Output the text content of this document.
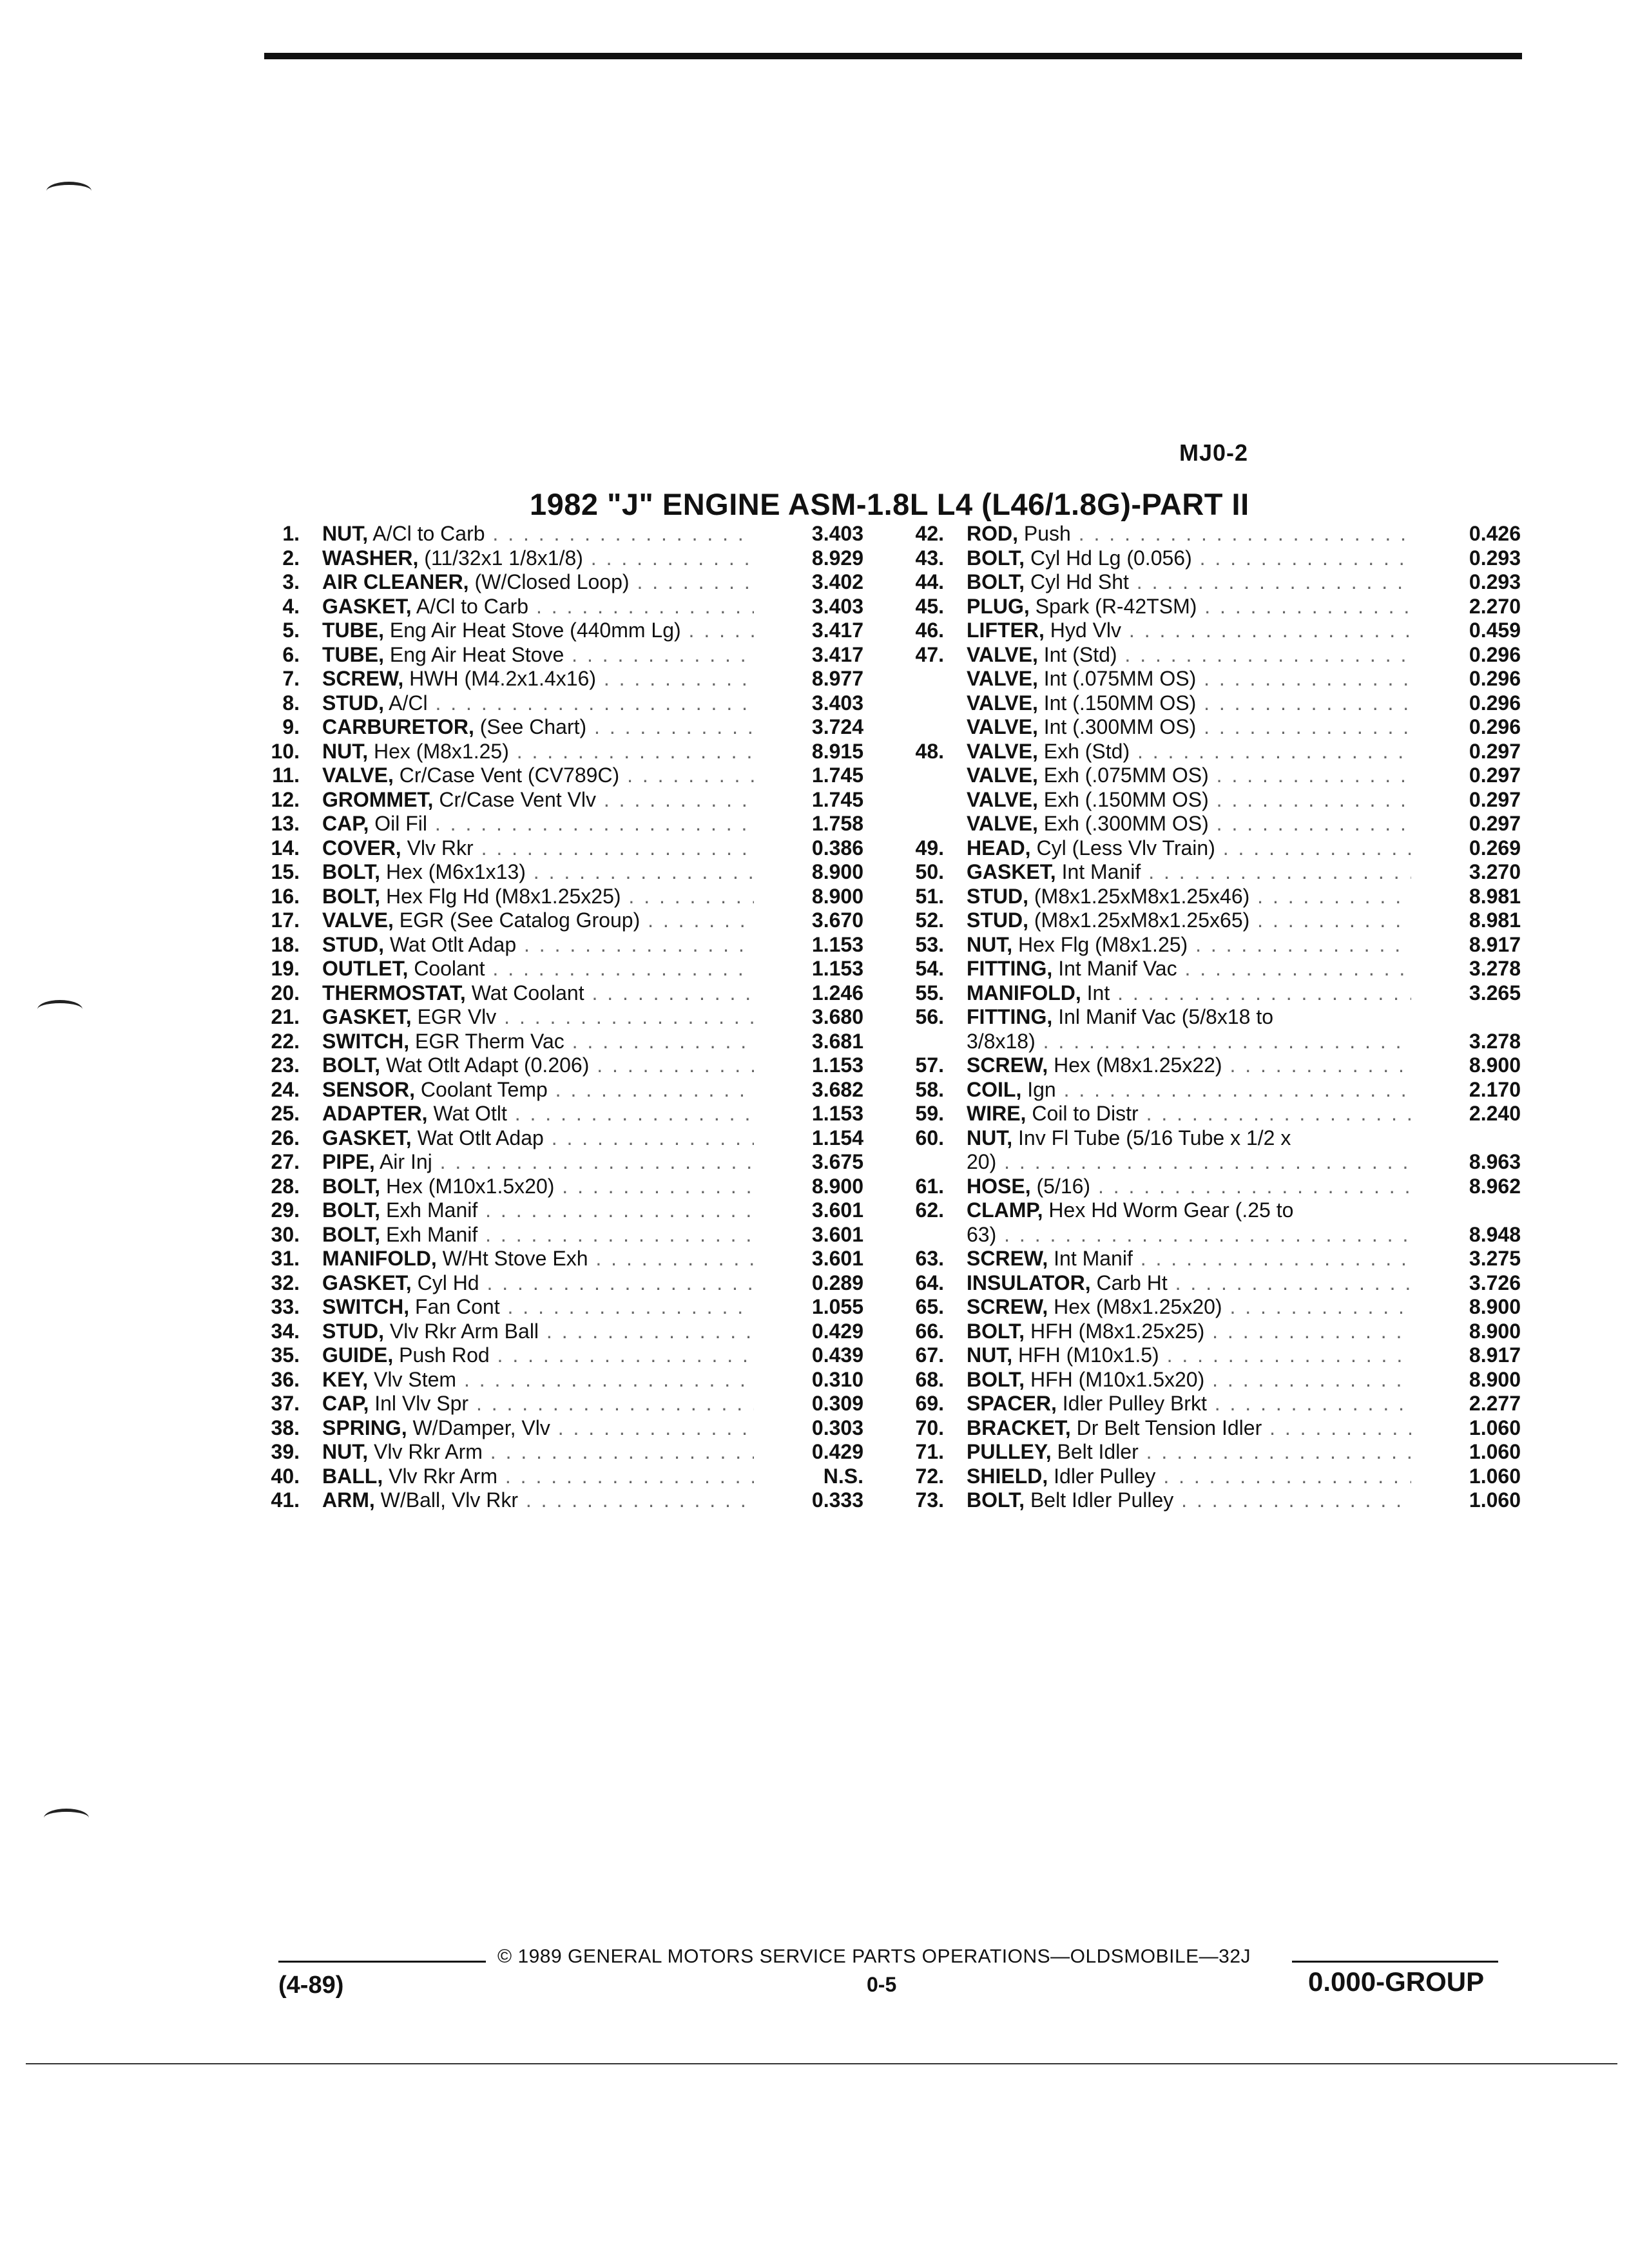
MJ0-2
1982 "J" ENGINE ASM-1.8L L4 (L46/1.8G)-PART II
1. NUT, A/Cl to Carb . . .	3.403
2. WASHER, (11/32x1 1/8x1/8) . . .	8.929
3. AIR CLEANER, (W/Closed Loop) . . .	3.402
4. GASKET, A/Cl to Carb . . .	3.403
5. TUBE, Eng Air Heat Stove (440mm Lg) . . .	3.417
6. TUBE, Eng Air Heat Stove . . .	3.417
7. SCREW, HWH (M4.2x1.4x16) . . .	8.977
8. STUD, A/Cl . . .	3.403
9. CARBURETOR, (See Chart) . . .	3.724
10. NUT, Hex (M8x1.25) . . .	8.915
11. VALVE, Cr/Case Vent (CV789C) . . .	1.745
12. GROMMET, Cr/Case Vent Vlv . . .	1.745
13. CAP, Oil Fil . . .	1.758
14. COVER, Vlv Rkr . . .	0.386
15. BOLT, Hex (M6x1x13) . . .	8.900
16. BOLT, Hex Flg Hd (M8x1.25x25) . . .	8.900
17. VALVE, EGR (See Catalog Group) . . .	3.670
18. STUD, Wat Otlt Adap . . .	1.153
19. OUTLET, Coolant . . .	1.153
20. THERMOSTAT, Wat Coolant . . .	1.246
21. GASKET, EGR Vlv . . .	3.680
22. SWITCH, EGR Therm Vac . . .	3.681
23. BOLT, Wat Otlt Adapt (0.206) . . .	1.153
24. SENSOR, Coolant Temp . . .	3.682
25. ADAPTER, Wat Otlt . . .	1.153
26. GASKET, Wat Otlt Adap . . .	1.154
27. PIPE, Air Inj . . .	3.675
28. BOLT, Hex (M10x1.5x20) . . .	8.900
29. BOLT, Exh Manif . . .	3.601
30. BOLT, Exh Manif . . .	3.601
31. MANIFOLD, W/Ht Stove Exh . . .	3.601
32. GASKET, Cyl Hd . . .	0.289
33. SWITCH, Fan Cont . . .	1.055
34. STUD, Vlv Rkr Arm Ball . . .	0.429
35. GUIDE, Push Rod . . .	0.439
36. KEY, Vlv Stem . . .	0.310
37. CAP, Inl Vlv Spr . . .	0.309
38. SPRING, W/Damper, Vlv . . .	0.303
39. NUT, Vlv Rkr Arm . . .	0.429
40. BALL, Vlv Rkr Arm . . .	N.S.
41. ARM, W/Ball, Vlv Rkr . . .	0.333
42. ROD, Push . . .	0.426
43. BOLT, Cyl Hd Lg (0.056) . . .	0.293
44. BOLT, Cyl Hd Sht . . .	0.293
45. PLUG, Spark (R-42TSM) . . .	2.270
46. LIFTER, Hyd Vlv . . .	0.459
47. VALVE, Int (Std) . . .	0.296
VALVE, Int (.075MM OS) . . .	0.296
VALVE, Int (.150MM OS) . . .	0.296
VALVE, Int (.300MM OS) . . .	0.296
48. VALVE, Exh (Std) . . .	0.297
VALVE, Exh (.075MM OS) . . .	0.297
VALVE, Exh (.150MM OS) . . .	0.297
VALVE, Exh (.300MM OS) . . .	0.297
49. HEAD, Cyl (Less Vlv Train) . . .	0.269
50. GASKET, Int Manif . . .	3.270
51. STUD, (M8x1.25xM8x1.25x46) . . .	8.981
52. STUD, (M8x1.25xM8x1.25x65) . . .	8.981
53. NUT, Hex Flg (M8x1.25) . . .	8.917
54. FITTING, Int Manif Vac . . .	3.278
55. MANIFOLD, Int . . .	3.265
56. FITTING, Inl Manif Vac (5/8x18 to
3/8x18) . . .	3.278
57. SCREW, Hex (M8x1.25x22) . . .	8.900
58. COIL, Ign . . .	2.170
59. WIRE, Coil to Distr . . .	2.240
60. NUT, Inv Fl Tube (5/16 Tube x 1/2 x
20) . . .	8.963
61. HOSE, (5/16) . . .	8.962
62. CLAMP, Hex Hd Worm Gear (.25 to
63) . . .	8.948
63. SCREW, Int Manif . . .	3.275
64. INSULATOR, Carb Ht . . .	3.726
65. SCREW, Hex (M8x1.25x20) . . .	8.900
66. BOLT, HFH (M8x1.25x25) . . .	8.900
67. NUT, HFH (M10x1.5) . . .	8.917
68. BOLT, HFH (M10x1.5x20) . . .	8.900
69. SPACER, Idler Pulley Brkt . . .	2.277
70. BRACKET, Dr Belt Tension Idler . . .	1.060
71. PULLEY, Belt Idler . . .	1.060
72. SHIELD, Idler Pulley . . .	1.060
73. BOLT, Belt Idler Pulley . . .	1.060
© 1989 GENERAL MOTORS SERVICE PARTS OPERATIONS—OLDSMOBILE—32J
(4-89)	0-5	0.000-GROUP
